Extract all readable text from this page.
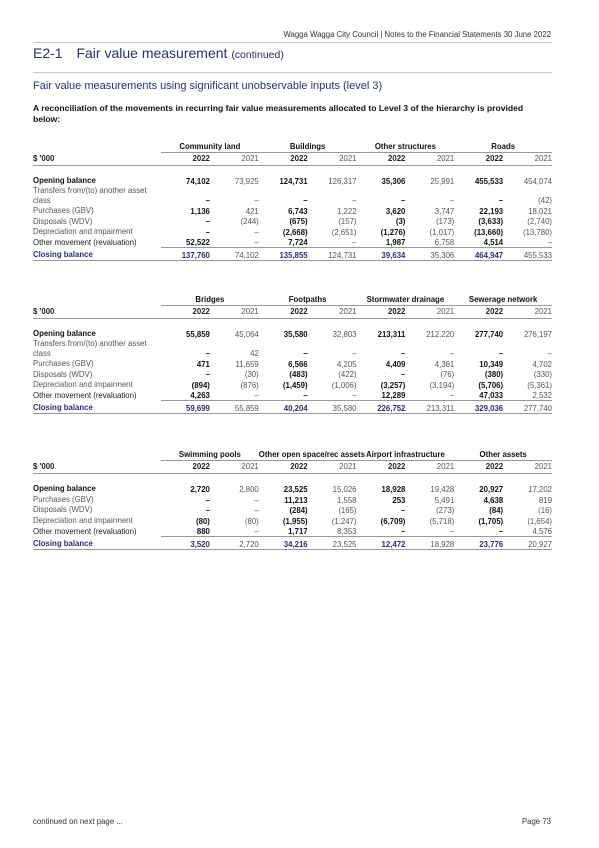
Wagga Wagga City Council | Notes to the Financial Statements 30 June 2022
E2-1 Fair value measurement (continued)
Fair value measurements using significant unobservable inputs (level 3)
A reconciliation of the movements in recurring fair value measurements allocated to Level 3 of the hierarchy is provided below:
	Community land		Buildings		Other structures		Roads	
$ '000	2022	2021	2022	2021	2022	2021	2022	2021

Opening balance	74,102	73,925	124,731	126,317	35,306	25,991	455,533	454,074
Transfers from/(to) another asset class	–	–	–	–	–	–	–	(42)
Purchases (GBV)	1,136	421	6,743	1,222	3,620	3,747	22,193	18,021
Disposals (WDV)	–	(244)	(675)	(157)	(3)	(173)	(3,633)	(2,740)
Depreciation and impairment	–	–	(2,668)	(2,651)	(1,276)	(1,017)	(13,660)	(13,780)
Other movement (revaluation)	52,522	–	7,724	–	1,987	6,758	4,514	–
Closing balance	137,760	74,102	135,855	124,731	39,634	35,306	464,947	455,533
	Bridges		Footpaths		Stormwater drainage		Sewerage network	
$ '000	2022	2021	2022	2021	2022	2021	2022	2021

Opening balance	55,859	45,064	35,580	32,803	213,311	212,220	277,740	276,197
Transfers from/(to) another asset class	–	42	–	–	–	–	–	–
Purchases (GBV)	471	11,659	6,566	4,205	4,409	4,361	10,349	4,702
Disposals (WDV)	–	(30)	(483)	(422)	–	(76)	(380)	(330)
Depreciation and impairment	(894)	(876)	(1,459)	(1,006)	(3,257)	(3,194)	(5,706)	(5,361)
Other movement (revaluation)	4,263	–	–	–	12,289	–	47,033	2,532
Closing balance	59,699	55,859	40,204	35,580	226,752	213,311	329,036	277,740
	Swimming pools		Other open space/rec assets		Airport infrastructure		Other assets	
$ '000	2022	2021	2022	2021	2022	2021	2022	2021

Opening balance	2,720	2,800	23,525	15,026	18,928	19,428	20,927	17,202
Purchases (GBV)	–	–	11,213	1,558	253	5,491	4,638	819
Disposals (WDV)	–	–	(284)	(165)	–	(273)	(84)	(16)
Depreciation and impairment	(80)	(80)	(1,955)	(1,247)	(6,709)	(5,718)	(1,705)	(1,654)
Other movement (revaluation)	880	–	1,717	8,353	–	–	–	4,576
Closing balance	3,520	2,720	34,216	23,525	12,472	18,928	23,776	20,927
continued on next page ...	Page 73
